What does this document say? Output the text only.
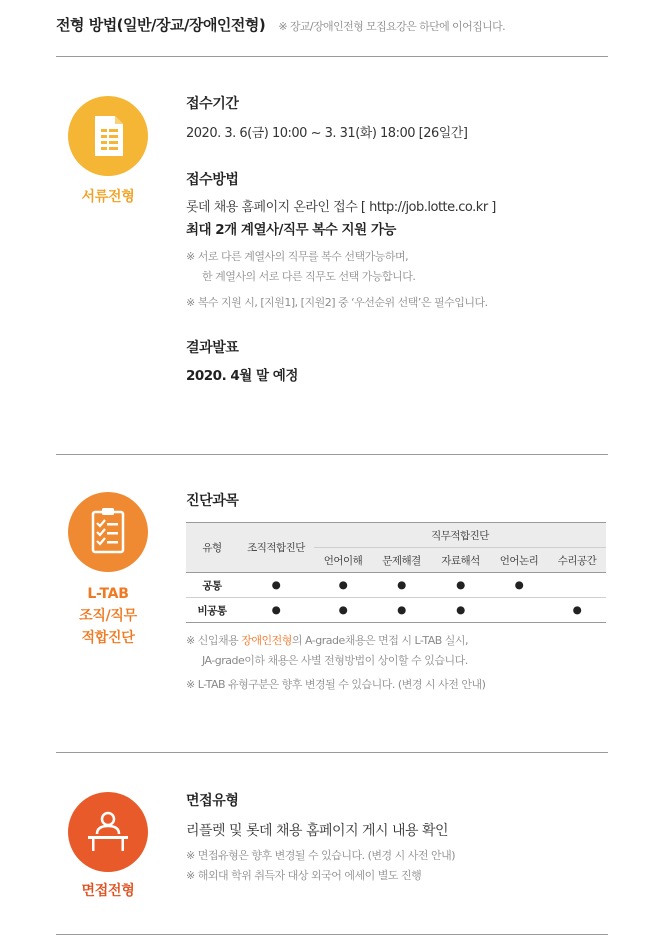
전형 방법(일반/장교/장애인전형) ※ 장교/장애인전형 모집요강은 하단에 이어집니다.
서류전형
접수기간
2020. 3. 6(금) 10:00 ~ 3. 31(화) 18:00 [26일간]
접수방법
롯데 채용 홈페이지 온라인 접수 [ http://job.lotte.co.kr ]
최대 2개 계열사/직무 복수 지원 가능
※ 서로 다른 계열사의 직무를 복수 선택가능하며,
한 계열사의 서로 다른 직무도 선택 가능합니다.
※ 복수 지원 시, [지원1], [지원2] 중 ‘우선순위 선택’은 필수입니다.
결과발표
2020. 4월 말 예정
L-TAB
조직/직무
적합진단
진단과목
유형	조직적합진단	직무적합진단				
		언어이해	문제해결	자료해석	언어논리	수리공간
공통	●	●	●	●	●	
비공통	●	●	●	●		●
※ 신입채용 장애인전형의 A-grade채용은 면접 시 L-TAB 실시,
JA-grade이하 채용은 사별 전형방법이 상이할 수 있습니다.
※ L-TAB 유형구분은 향후 변경될 수 있습니다. (변경 시 사전 안내)
면접전형
면접유형
리플렛 및 롯데 채용 홈페이지 게시 내용 확인
※ 면접유형은 향후 변경될 수 있습니다. (변경 시 사전 안내)
※ 해외대 학위 취득자 대상 외국어 에세이 별도 진행
